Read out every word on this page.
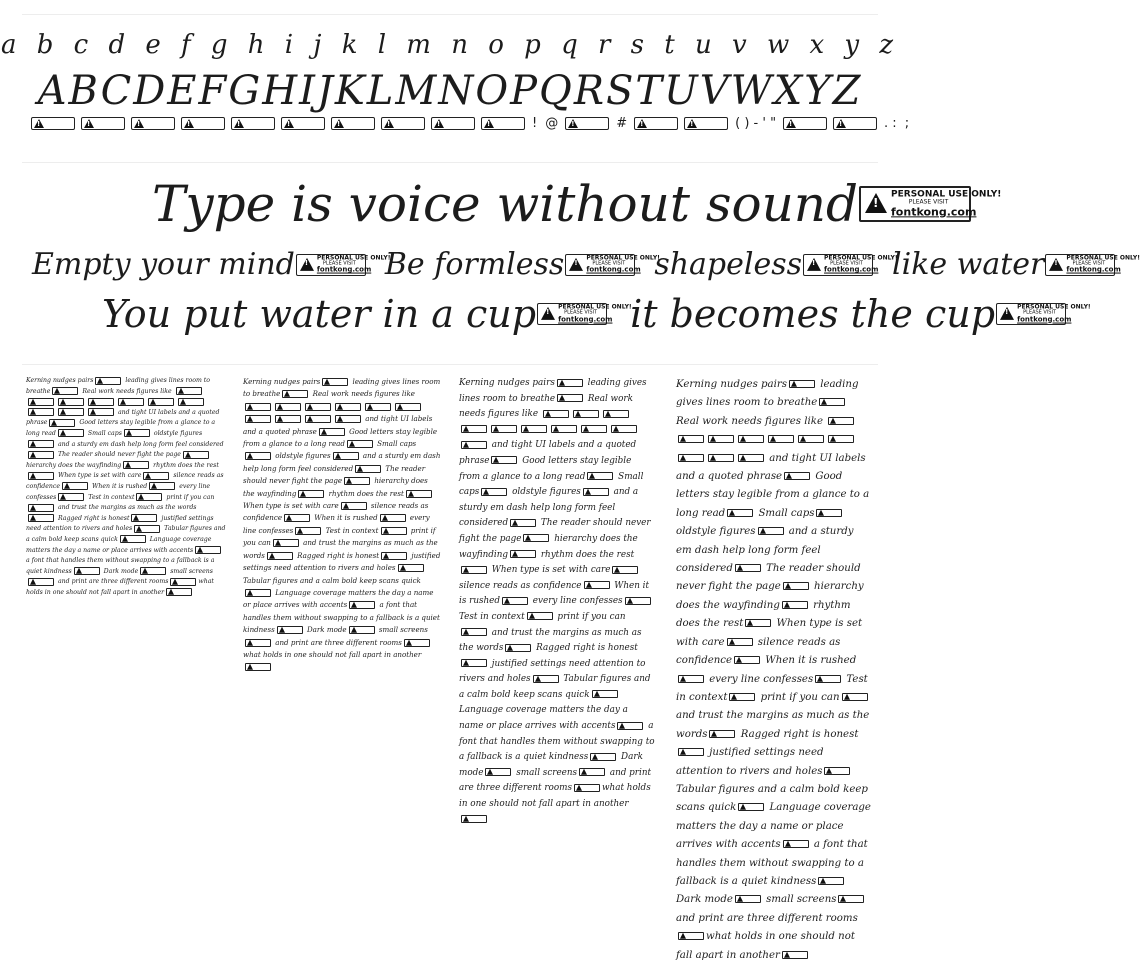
a b c d e f g h i j k l m n o p q r s t u v w x y z
ABCDEFGHIJKLMNOPQRSTUVWXYZ
!
!
!
!
!
!
!
!
!
!
! @ !	# ! !	( ) - ' " ! !	. : ;
Type is voice without sound !	PERSONAL USE ONLY!
PLEASE VISIT
fontkong.com
Empty your mind !	PERSONAL USE ONLY!
PLEASE VISIT
fontkong.com Be formless !	PERSONAL USE ONLY!
PLEASE VISIT
fontkong.com shapeless !	PERSONAL USE ONLY!
PLEASE VISIT
fontkong.com like water !	PERSONAL USE ONLY!
PLEASE VISIT
fontkong.com
You put water in a cup !	PERSONAL USE ONLY!
PLEASE VISIT
fontkong.com it becomes the cup !	PERSONAL USE ONLY!
PLEASE VISIT
fontkong.com

Kerning nudges pairs	leading gives lines room to breathe	Real work needs figures like
and tight UI labels and a quoted phrase	Good letters stay legible from a glance to a long read	Small caps	oldstyle figures
and a sturdy em dash help long form feel considered
The reader should never fight the page
hierarchy does the wayfinding	rhythm does the rest
When type is set with care	silence reads as confidence	When it is rushed	every line confesses	Test in context	print if you can
and trust the margins as much as the words
Ragged right is honest	justified settings need attention to rivers and holes	Tabular figures and a calm bold keep scans quick	Language coverage matters the day a name or place arrives with accents
a font that handles them without swapping to a fallback is a quiet kindness	Dark mode	small screens
and print are three different rooms	what holds in one should not fall apart in another

Kerning nudges pairs	leading gives lines room to breathe	Real work needs figures like
and tight UI labels and a quoted phrase	Good letters stay legible from a glance to a long read	Small caps
oldstyle figures	and a sturdy em dash help long form feel considered	The reader should never fight the page	hierarchy does the wayfinding	rhythm does the rest
When type is set with care	silence reads as confidence	When it is rushed	every line confesses	Test in context	print if you can	and trust the margins as much as the words	Ragged right is honest	justified settings need attention to rivers and holes
Tabular figures and a calm bold keep scans quick
Language coverage matters the day a name or place arrives with accents	a font that handles them without swapping to a fallback is a quiet kindness	Dark mode	small screens
and print are three different rooms
what holds in one should not fall apart in another

Kerning nudges pairs	leading gives lines room to breathe	Real work needs figures like
and tight UI labels and a quoted phrase	Good letters stay legible from a glance to a long read	Small caps	oldstyle figures	and a sturdy em dash help long form feel considered	The reader should never fight the page	hierarchy does the wayfinding	rhythm does the rest
When type is set with care
silence reads as confidence	When it is rushed	every line confesses
Test in context	print if you can
and trust the margins as much as the words	Ragged right is honest
justified settings need attention to rivers and holes	Tabular figures and a calm bold keep scans quick
Language coverage matters the day a name or place arrives with accents	a font that handles them without swapping to a fallback is a quiet kindness	Dark mode	small screens	and print are three different rooms	what holds in one should not fall apart in another

Kerning nudges pairs	leading gives lines room to breathe
Real work needs figures like
and tight UI labels and a quoted phrase	Good letters stay legible from a glance to a long read	Small caps
oldstyle figures	and a sturdy em dash help long form feel considered	The reader should never fight the page	hierarchy does the wayfinding	rhythm does the rest	When type is set with care	silence reads as confidence	When it is rushed
every line confesses	Test in context	print if you can
and trust the margins as much as the words	Ragged right is honest
justified settings need attention to rivers and holes
Tabular figures and a calm bold keep scans quick	Language coverage matters the day a name or place arrives with accents	a font that handles them without swapping to a fallback is a quiet kindness
Dark mode	small screens
and print are three different rooms
what holds in one should not fall apart in another
